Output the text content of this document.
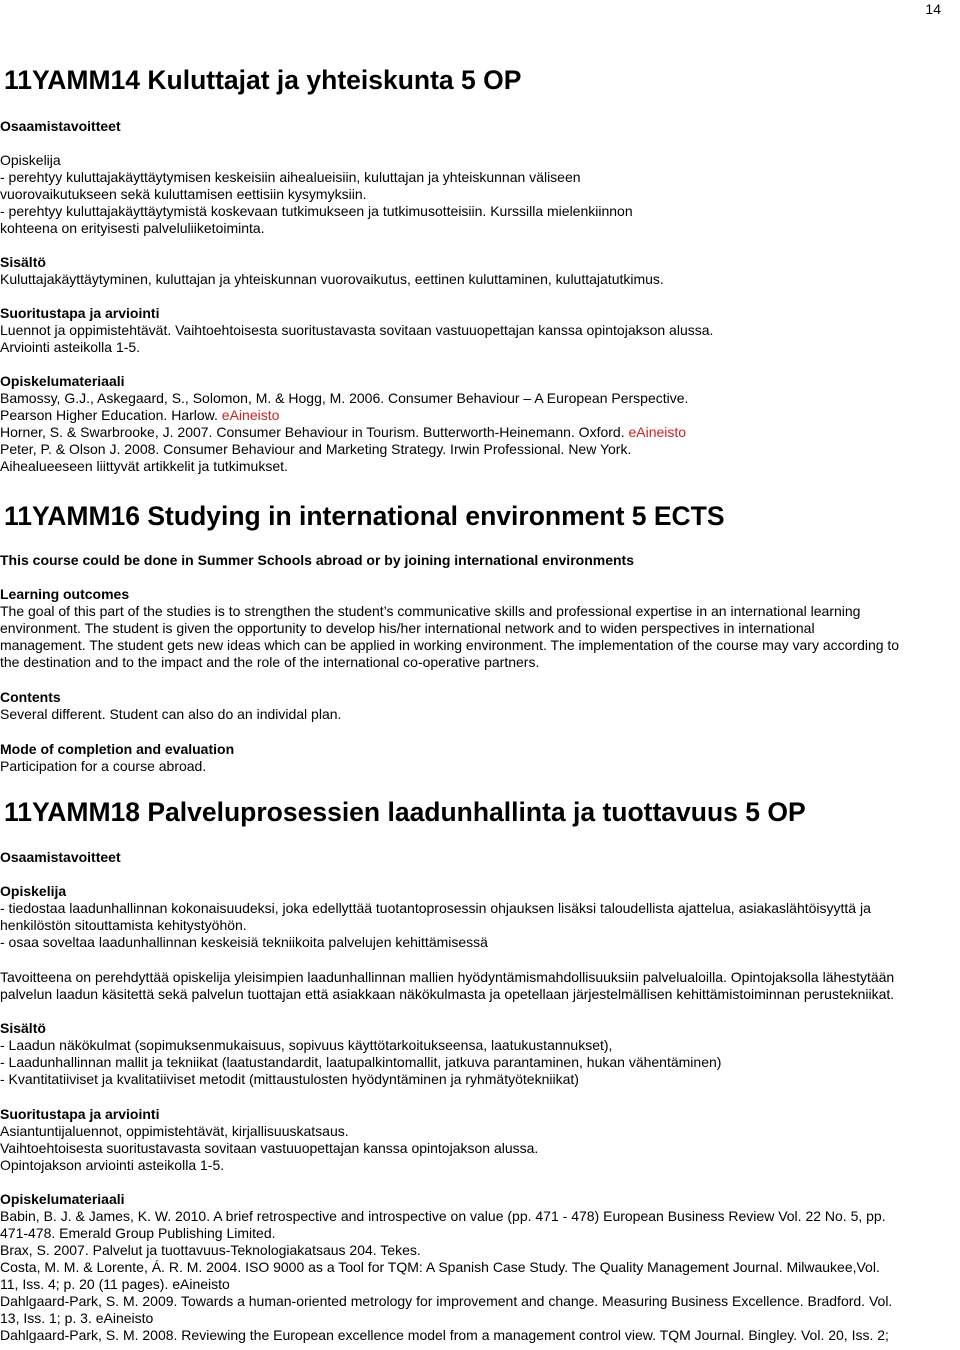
14
11YAMM14 Kuluttajat ja yhteiskunta 5 OP
Osaamistavoitteet
Opiskelija
- perehtyy kuluttajakäyttäytymisen keskeisiin aihealueisiin, kuluttajan ja yhteiskunnan väliseen
vuorovaikutukseen sekä kuluttamisen eettisiin kysymyksiin.
- perehtyy kuluttajakäyttäytymistä koskevaan tutkimukseen ja tutkimusotteisiin. Kurssilla mielenkiinnon
kohteena on erityisesti palveluliiketoiminta.
Sisältö
Kuluttajakäyttäytyminen, kuluttajan ja yhteiskunnan vuorovaikutus, eettinen kuluttaminen, kuluttajatutkimus.
Suoritustapa ja arviointi
Luennot ja oppimistehtävät. Vaihtoehtoisesta suoritustavasta sovitaan vastuuopettajan kanssa opintojakson alussa.
Arviointi asteikolla 1-5.
Opiskelumateriaali
Bamossy, G.J., Askegaard, S., Solomon, M. & Hogg, M. 2006. Consumer Behaviour – A European Perspective.
Pearson Higher Education. Harlow. eAineisto
Horner, S. & Swarbrooke, J. 2007. Consumer Behaviour in Tourism. Butterworth-Heinemann. Oxford. eAineisto
Peter, P. & Olson J. 2008. Consumer Behaviour and Marketing Strategy. Irwin Professional. New York.
Aihealueeseen liittyvät artikkelit ja tutkimukset.
11YAMM16 Studying in international environment 5 ECTS
This course could be done in Summer Schools abroad or by joining international environments
Learning outcomes
The goal of this part of the studies is to strengthen the student’s communicative skills and professional expertise in an international learning
environment. The student is given the opportunity to develop his/her international network and to widen perspectives in international
management. The student gets new ideas which can be applied in working environment. The implementation of the course may vary according to
the destination and to the impact and the role of the international co-operative partners.
Contents
Several different. Student can also do an individal plan.
Mode of completion and evaluation
Participation for a course abroad.
11YAMM18 Palveluprosessien laadunhallinta ja tuottavuus 5 OP
Osaamistavoitteet
Opiskelija
- tiedostaa laadunhallinnan kokonaisuudeksi, joka edellyttää tuotantoprosessin ohjauksen lisäksi taloudellista ajattelua, asiakaslähtöisyyttä ja
henkilöstön sitouttamista kehitystyöhön.
- osaa soveltaa laadunhallinnan keskeisiä tekniikoita palvelujen kehittämisessä
Tavoitteena on perehdyttää opiskelija yleisimpien laadunhallinnan mallien hyödyntämismahdollisuuksiin palvelualoilla. Opintojaksolla lähestytään
palvelun laadun käsitettä sekä palvelun tuottajan että asiakkaan näkökulmasta ja opetellaan järjestelmällisen kehittämistoiminnan perustekniikat.
Sisältö
- Laadun näkökulmat (sopimuksenmukaisuus, sopivuus käyttötarkoitukseensa, laatukustannukset),
- Laadunhallinnan mallit ja tekniikat (laatustandardit, laatupalkintomallit, jatkuva parantaminen, hukan vähentäminen)
- Kvantitatiiviset ja kvalitatiiviset metodit (mittaustulosten hyödyntäminen ja ryhmätyötekniikat)
Suoritustapa ja arviointi
Asiantuntijaluennot, oppimistehtävät, kirjallisuuskatsaus.
Vaihtoehtoisesta suoritustavasta sovitaan vastuuopettajan kanssa opintojakson alussa.
Opintojakson arviointi asteikolla 1-5.
Opiskelumateriaali
Babin, B. J. & James, K. W. 2010. A brief retrospective and introspective on value (pp. 471 - 478) European Business Review Vol. 22 No. 5, pp.
471-478. Emerald Group Publishing Limited.
Brax, S. 2007. Palvelut ja tuottavuus-Teknologiakatsaus 204. Tekes.
Costa, M. M. & Lorente, Á. R. M. 2004. ISO 9000 as a Tool for TQM: A Spanish Case Study. The Quality Management Journal. Milwaukee,Vol.
11, Iss. 4; p. 20 (11 pages). eAineisto
Dahlgaard-Park, S. M. 2009. Towards a human-oriented metrology for improvement and change. Measuring Business Excellence. Bradford. Vol.
13, Iss. 1; p. 3. eAineisto
Dahlgaard-Park, S. M. 2008. Reviewing the European excellence model from a management control view. TQM Journal. Bingley. Vol. 20, Iss. 2;
